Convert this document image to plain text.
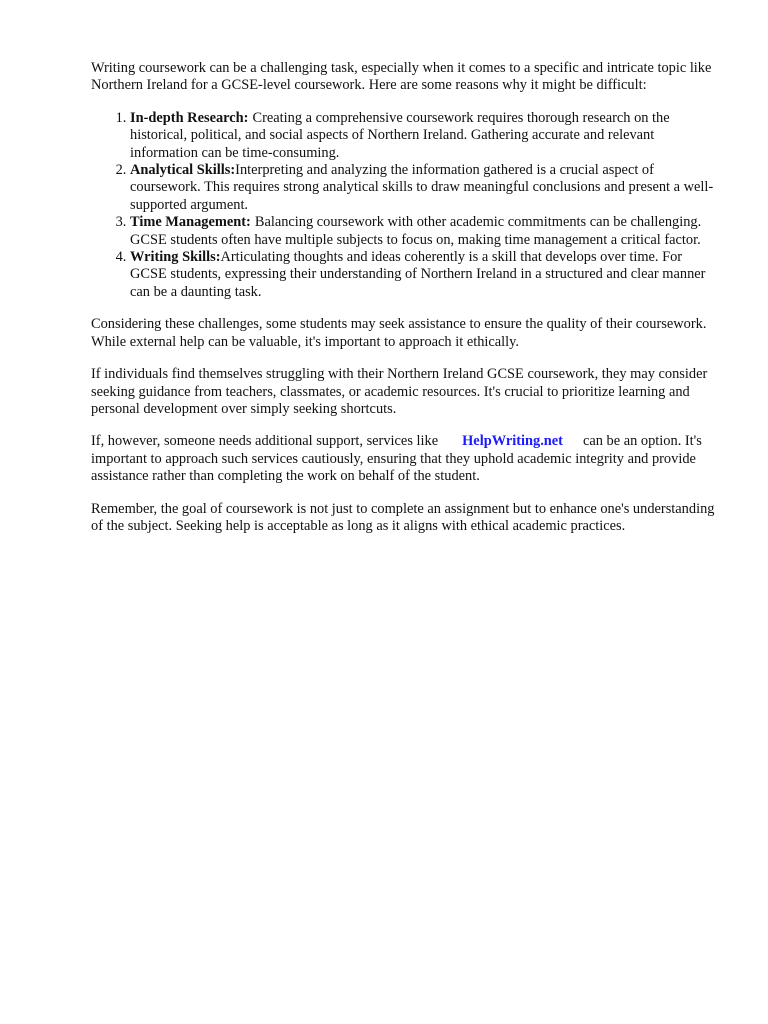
Writing coursework can be a challenging task, especially when it comes to a specific and intricate topic like Northern Ireland for a GCSE-level coursework. Here are some reasons why it might be difficult:

1. In-depth Research: Creating a comprehensive coursework requires thorough research on the historical, political, and social aspects of Northern Ireland. Gathering accurate and relevant information can be time-consuming.
2. Analytical Skills:Interpreting and analyzing the information gathered is a crucial aspect of coursework. This requires strong analytical skills to draw meaningful conclusions and present a well-supported argument.
3. Time Management: Balancing coursework with other academic commitments can be challenging. GCSE students often have multiple subjects to focus on, making time management a critical factor.
4. Writing Skills:Articulating thoughts and ideas coherently is a skill that develops over time. For GCSE students, expressing their understanding of Northern Ireland in a structured and clear manner can be a daunting task.

Considering these challenges, some students may seek assistance to ensure the quality of their coursework. While external help can be valuable, it's important to approach it ethically.

If individuals find themselves struggling with their Northern Ireland GCSE coursework, they may consider seeking guidance from teachers, classmates, or academic resources. It's crucial to prioritize learning and personal development over simply seeking shortcuts.

If, however, someone needs additional support, services like HelpWriting.net can be an option. It's important to approach such services cautiously, ensuring that they uphold academic integrity and provide assistance rather than completing the work on behalf of the student.

Remember, the goal of coursework is not just to complete an assignment but to enhance one's understanding of the subject. Seeking help is acceptable as long as it aligns with ethical academic practices.
